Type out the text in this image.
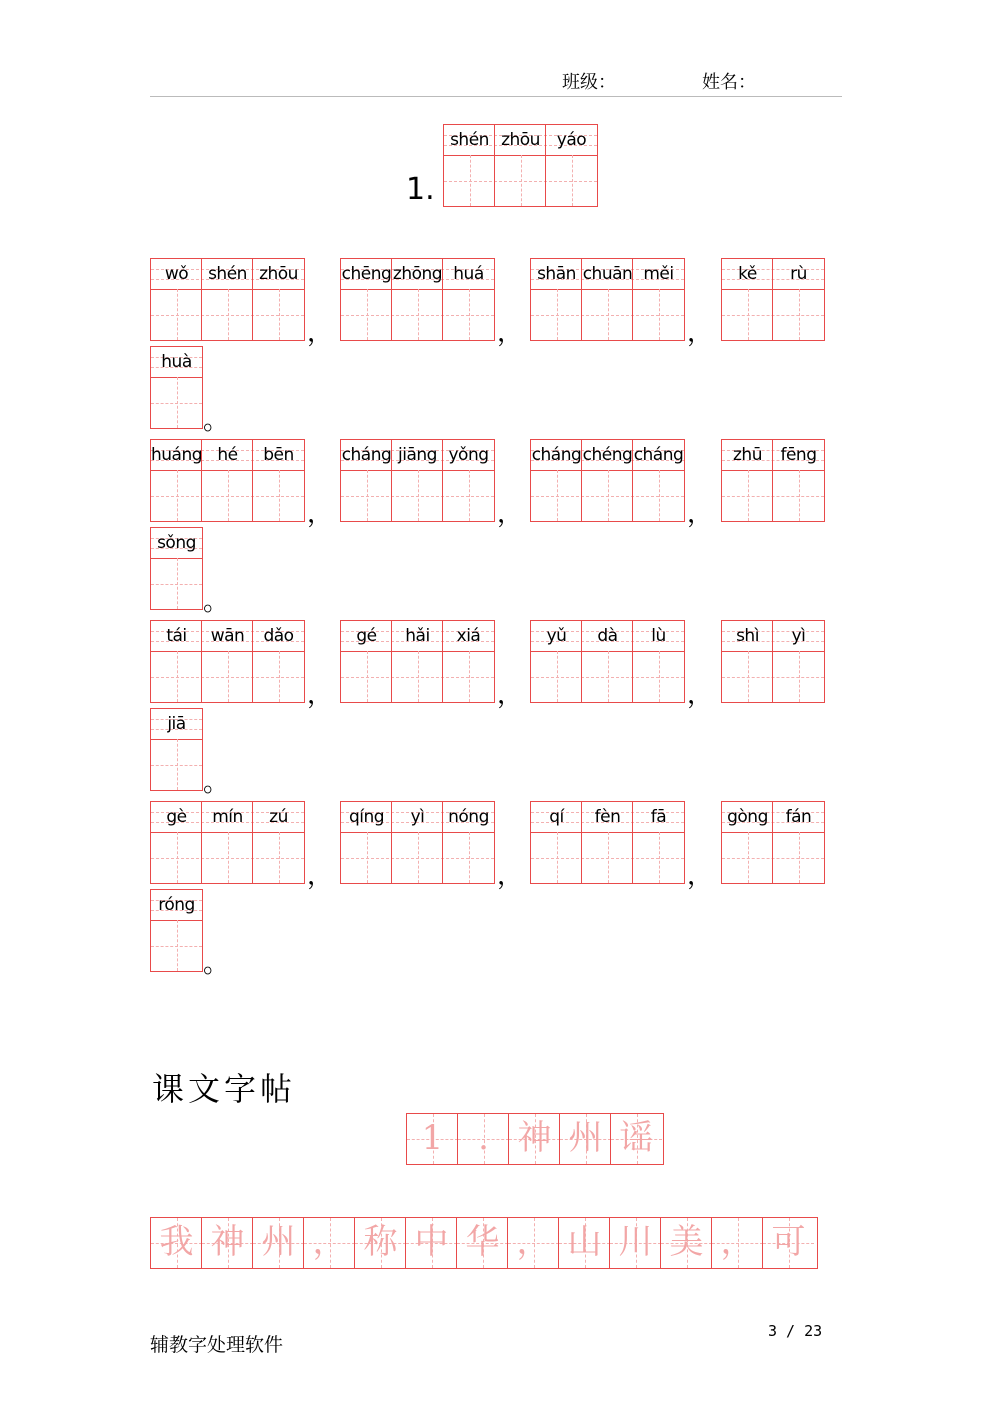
班级：	姓名：
1.
shén zhōu yáo
wǒ	shén zhōu
，
chēng zhōng huá
，
shān chuān měi
，
kě	rù
huà
。
huáng hé	bēn
，
cháng jiāng yǒng
，
cháng chéng cháng
，
zhū	fēng
sǒng
。
tái	wān	dǎo
，
gé	hǎi	xiá
，
yǔ	dà	lù
，
shì	yì
jiā
。
gè	mín	zú
，
qíng	yì	nóng
，
qí	fèn	fā
，
gòng	fán
róng
。
课文字帖
1	. 神 州 谣
我 神 州 ， 称 中 华 ， 山 川 美 ， 可
辅教字处理软件
3 / 23
